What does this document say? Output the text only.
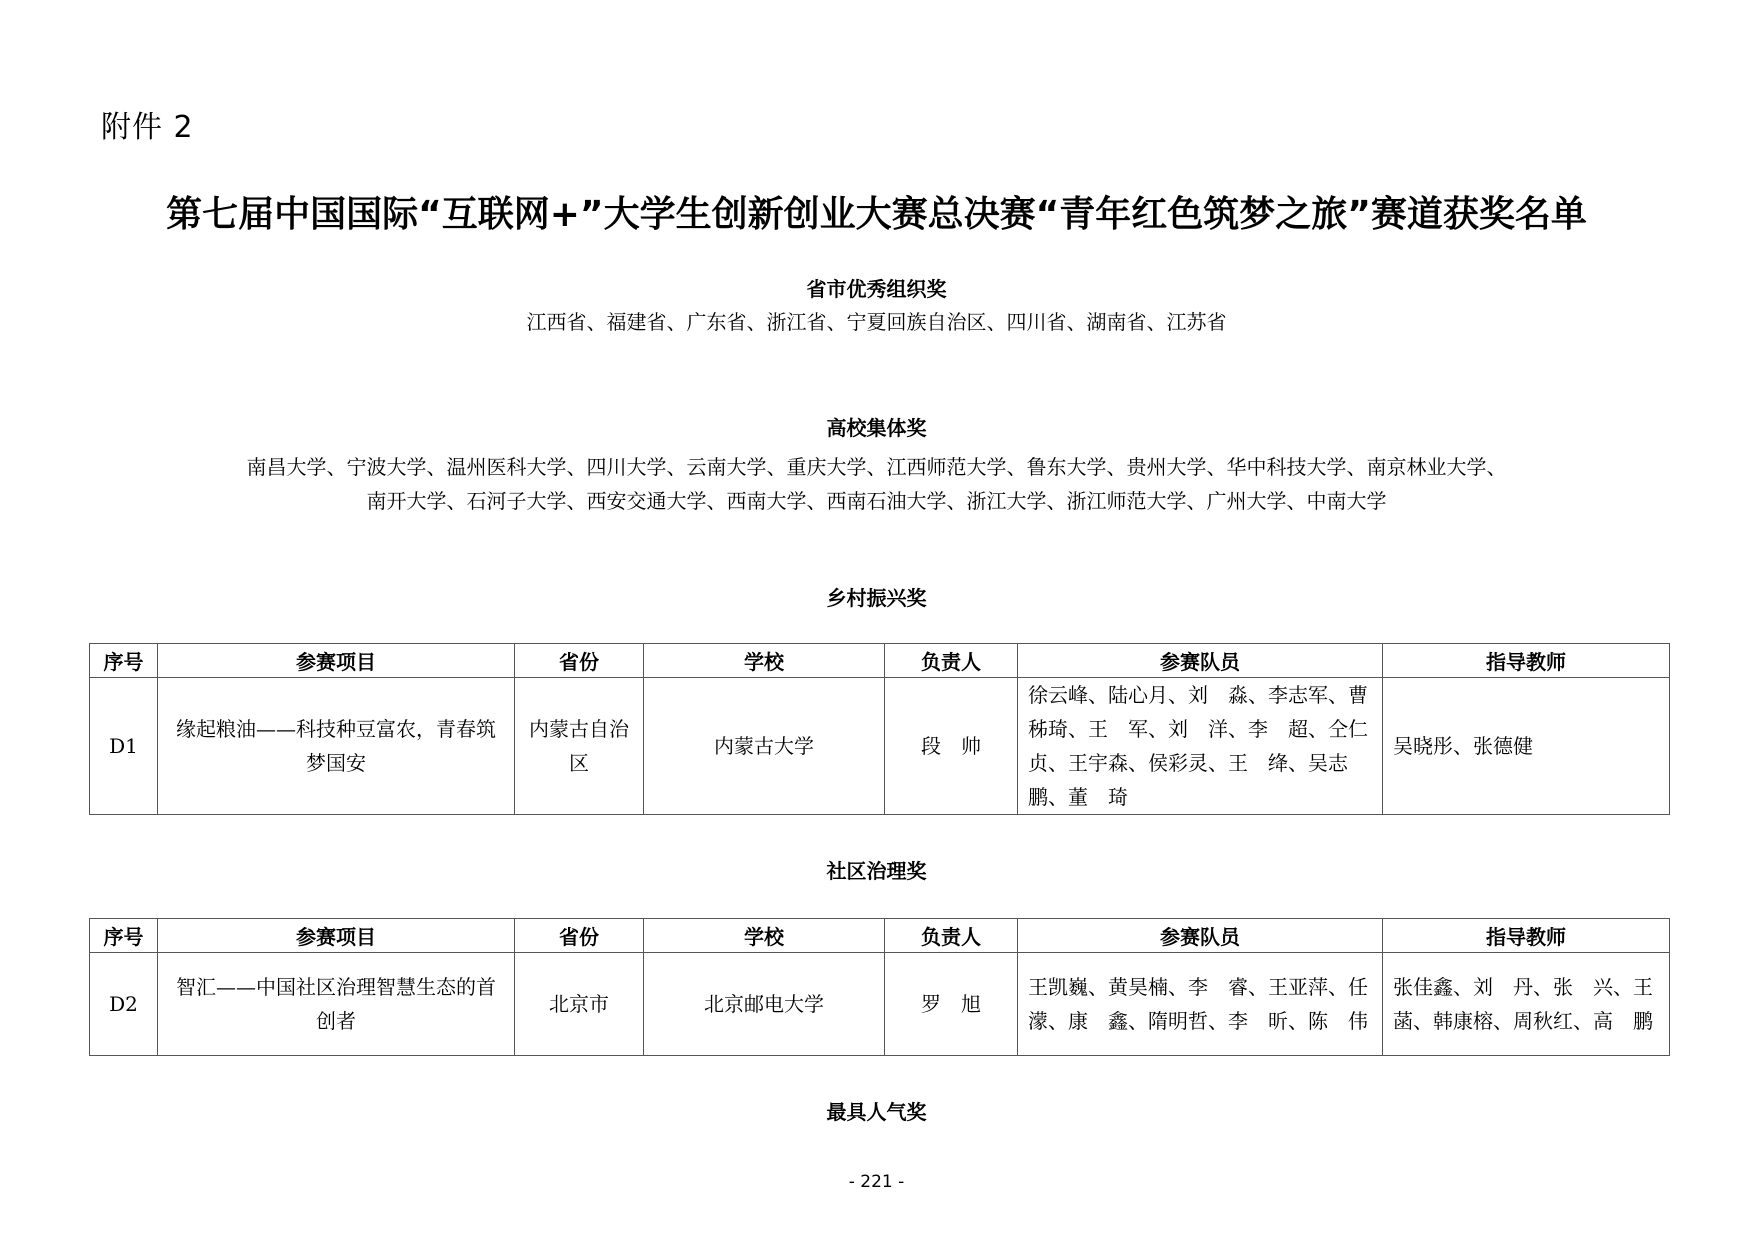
附件 2
第七届中国国际“互联网+”大学生创新创业大赛总决赛“青年红色筑梦之旅”赛道获奖名单
省市优秀组织奖
江西省、福建省、广东省、浙江省、宁夏回族自治区、四川省、湖南省、江苏省
高校集体奖
南昌大学、宁波大学、温州医科大学、四川大学、云南大学、重庆大学、江西师范大学、鲁东大学、贵州大学、华中科技大学、南京林业大学、
南开大学、石河子大学、西安交通大学、西南大学、西南石油大学、浙江大学、浙江师范大学、广州大学、中南大学
乡村振兴奖
序号	参赛项目	省份	学校	负责人	参赛队员	指导教师
D1	缘起粮油——科技种豆富农，青春筑梦国安	内蒙古自治区	内蒙古大学	段　帅	徐云峰、陆心月、刘　淼、李志军、曹秭琦、王　军、刘　洋、李　超、仝仁贞、王宇森、侯彩灵、王　绛、吴志鹏、董　琦	吴晓彤、张德健
社区治理奖
序号	参赛项目	省份	学校	负责人	参赛队员	指导教师
D2	智汇——中国社区治理智慧生态的首创者	北京市	北京邮电大学	罗　旭	王凯巍、黄昊楠、李　睿、王亚萍、任　濛、康　鑫、隋明哲、李　昕、陈　伟	张佳鑫、刘　丹、张　兴、王　菡、韩康榕、周秋红、高　鹏
最具人气奖
- 221 -
